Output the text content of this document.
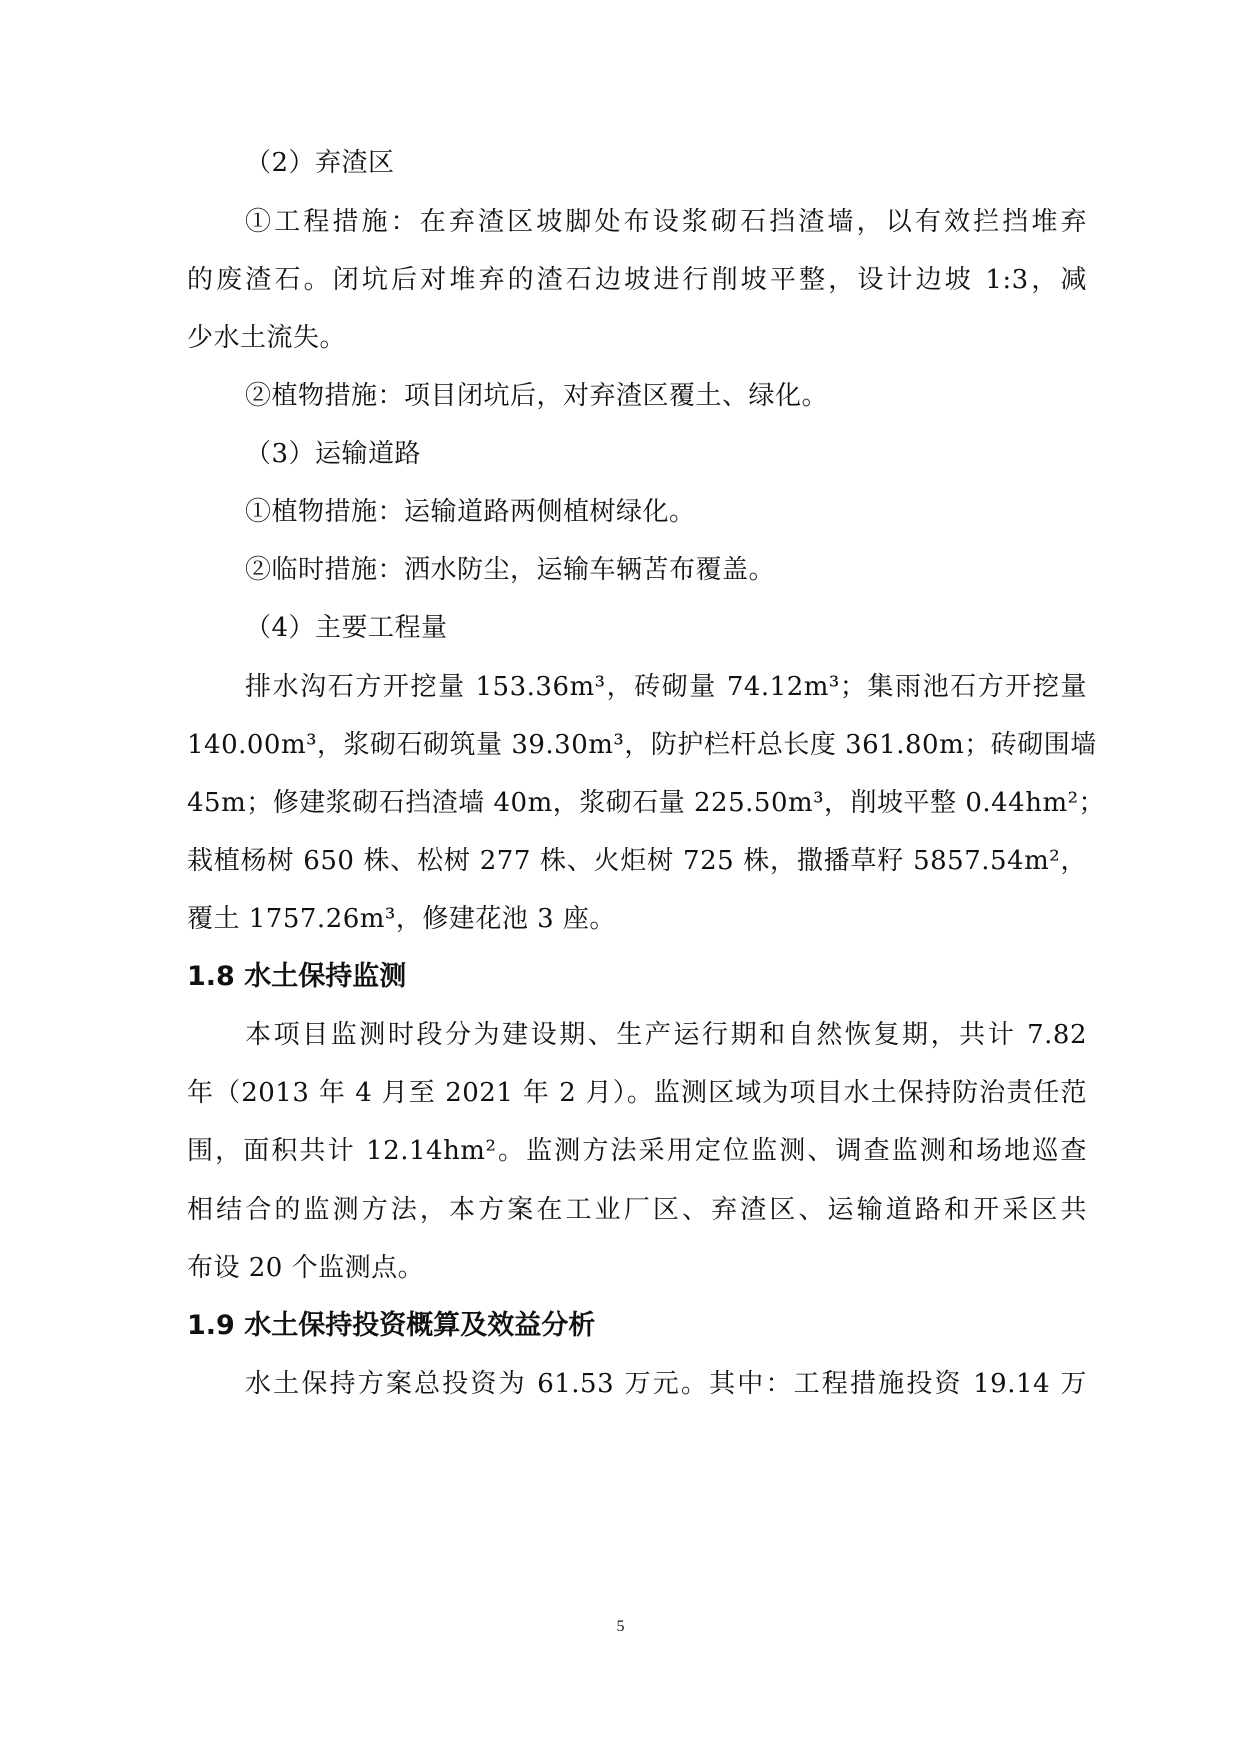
（2）弃渣区
①工程措施：在弃渣区坡脚处布设浆砌石挡渣墙，以有效拦挡堆弃
的废渣石。闭坑后对堆弃的渣石边坡进行削坡平整，设计边坡 1:3，减
少水土流失。
②植物措施：项目闭坑后，对弃渣区覆土、绿化。
（3）运输道路
①植物措施：运输道路两侧植树绿化。
②临时措施：洒水防尘，运输车辆苫布覆盖。
（4）主要工程量
排水沟石方开挖量 153.36m³，砖砌量 74.12m³；集雨池石方开挖量
140.00m³，浆砌石砌筑量 39.30m³，防护栏杆总长度 361.80m；砖砌围墙
45m；修建浆砌石挡渣墙 40m，浆砌石量 225.50m³，削坡平整 0.44hm²；
栽植杨树 650 株、松树 277 株、火炬树 725 株，撒播草籽 5857.54m²，
覆土 1757.26m³，修建花池 3 座。
1.8 水土保持监测
本项目监测时段分为建设期、生产运行期和自然恢复期，共计 7.82
年（2013 年 4 月至 2021 年 2 月）。监测区域为项目水土保持防治责任范
围，面积共计 12.14hm²。监测方法采用定位监测、调查监测和场地巡查
相结合的监测方法，本方案在工业厂区、弃渣区、运输道路和开采区共
布设 20 个监测点。
1.9 水土保持投资概算及效益分析
水土保持方案总投资为 61.53 万元。其中：工程措施投资 19.14 万
5
